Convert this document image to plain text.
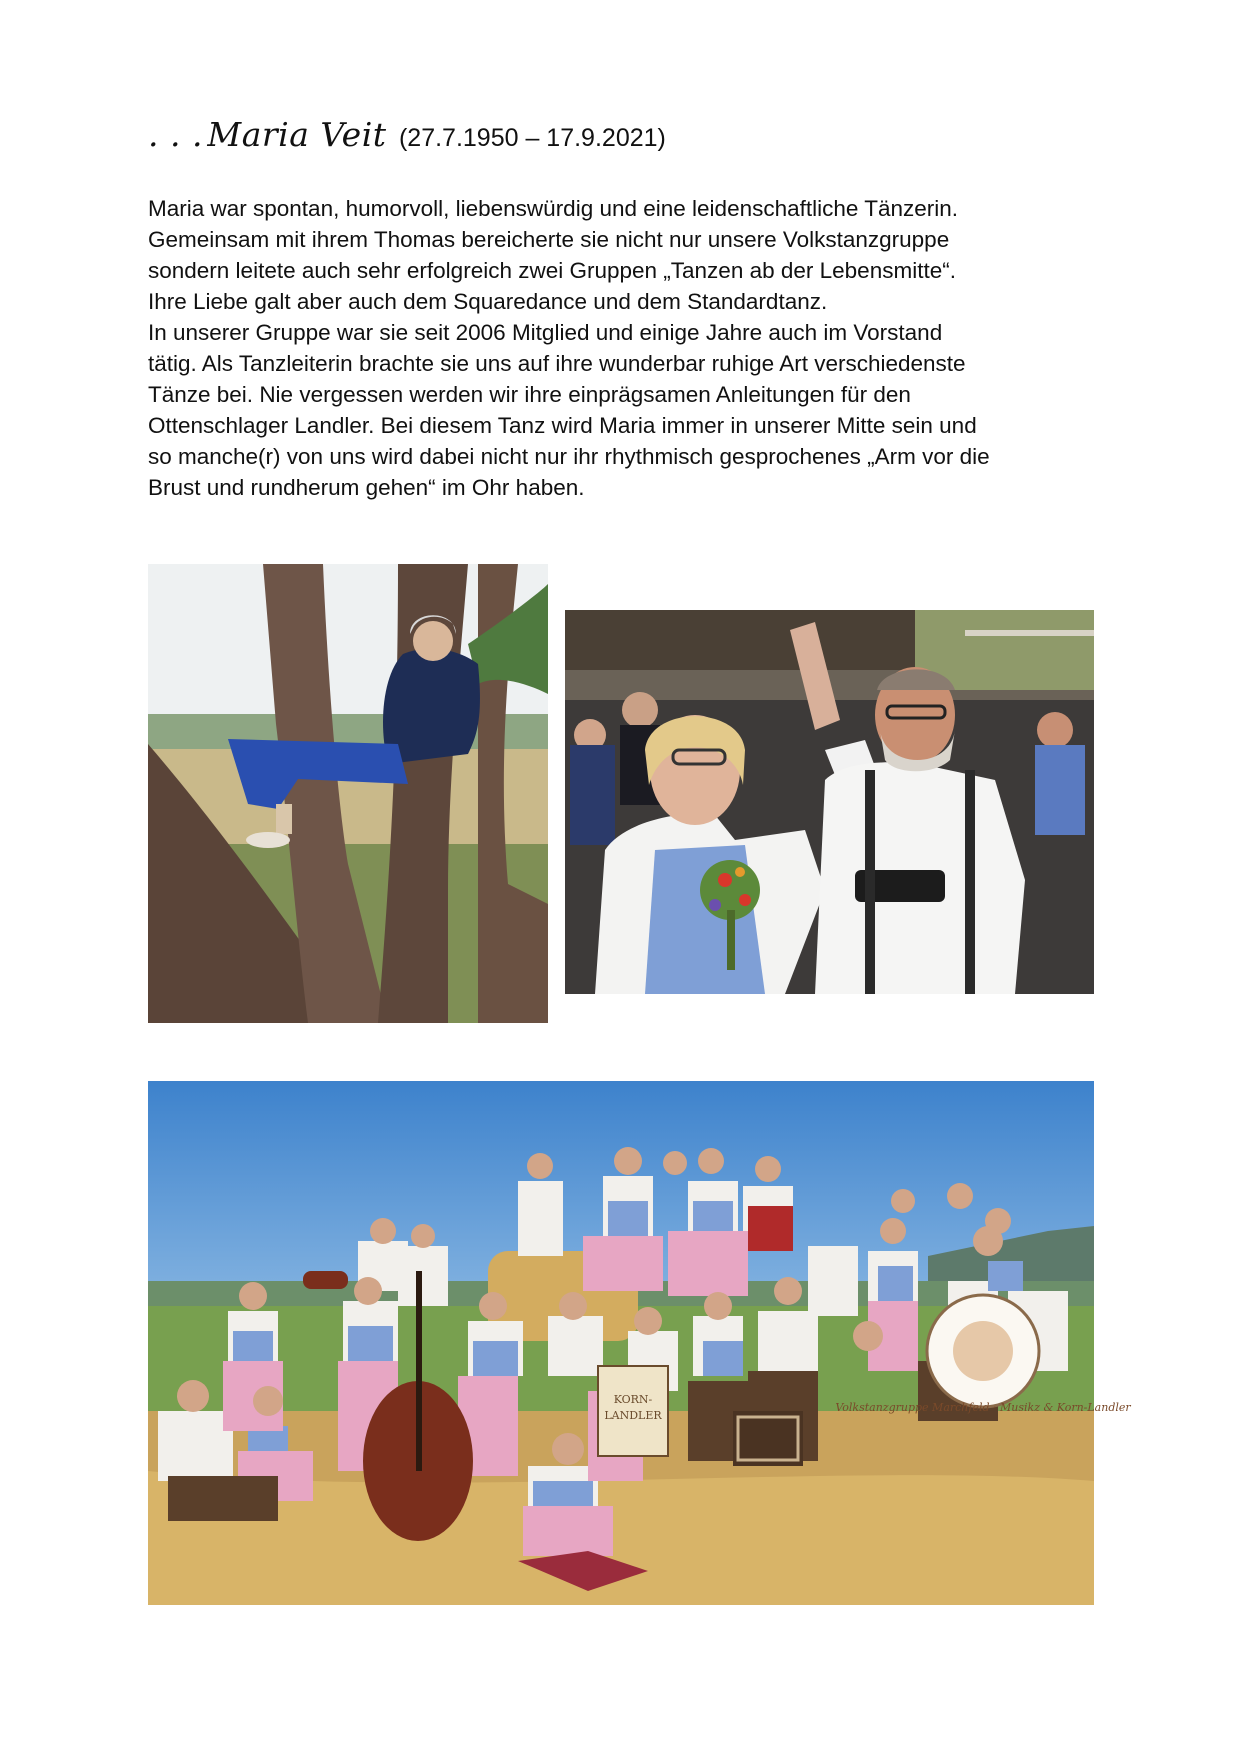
. . . Maria Veit (27.7.1950 – 17.9.2021)

Maria war spontan, humorvoll, liebenswürdig und eine leidenschaftliche Tänzerin.

Gemeinsam mit ihrem Thomas bereicherte sie nicht nur unsere Volkstanzgruppe

sondern leitete auch sehr erfolgreich zwei Gruppen „Tanzen ab der Lebensmitte“.

Ihre Liebe galt aber auch dem Squaredance und dem Standardtanz.

In unserer Gruppe war sie seit 2006 Mitglied und einige Jahre auch im Vorstand

tätig. Als Tanzleiterin brachte sie uns auf ihre wunderbar ruhige Art verschiedenste

Tänze bei. Nie vergessen werden wir ihre einprägsamen Anleitungen für den

Ottenschlager Landler. Bei diesem Tanz wird Maria immer in unserer Mitte sein und

so manche(r) von uns wird dabei nicht nur ihr rhythmisch gesprochenes „Arm vor die

Brust und rundherum gehen“ im Ohr haben.

KORN-
LANDLER
Volkstanzgruppe Marchfeld · Musikz & Korn-Landler
